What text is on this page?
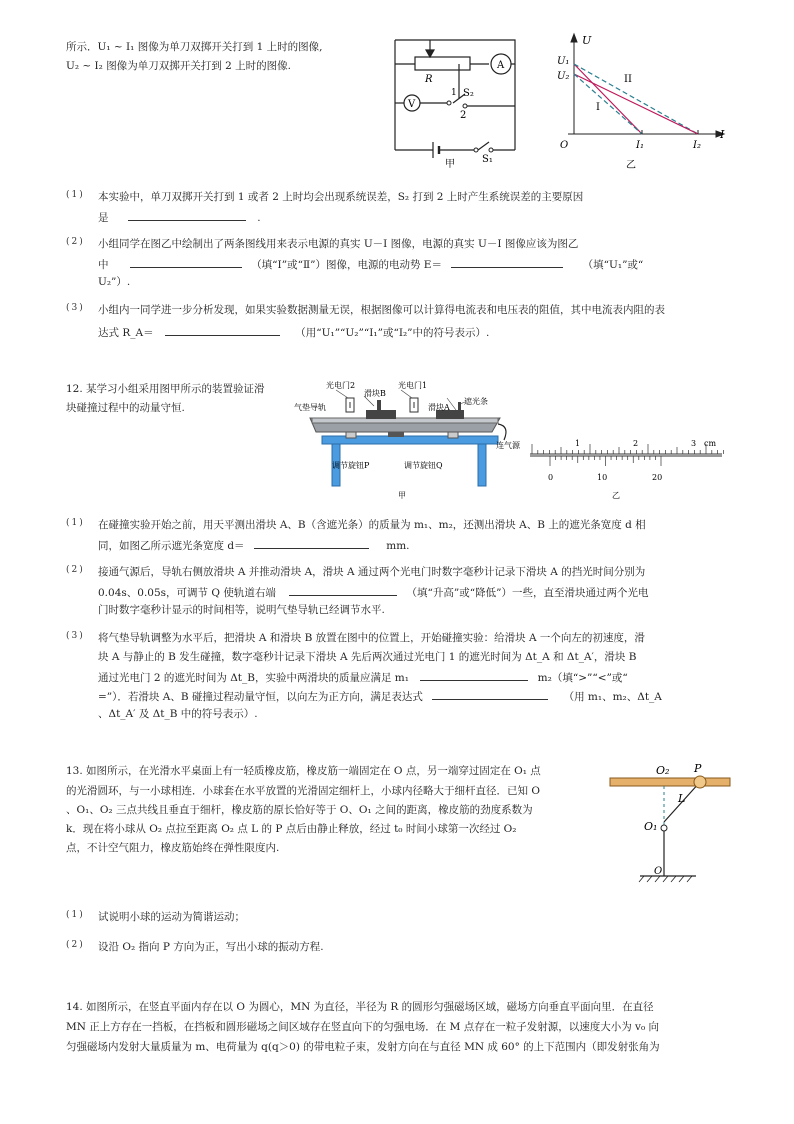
所示．U₁ ~ I₁ 图像为单刀双掷开关打到 1 上时的图像,
U₂ ~ I₂ 图像为单刀双掷开关打到 2 上时的图像.
R
A
V
S₂
1
2
S₁
甲
U
I
O
U₁
U₂
I₁	I₂
I
II
乙
(1) 本实验中，单刀双掷开关打到 1 或者 2 上时均会出现系统误差，S₂ 打到 2 上时产生系统误差的主要原因
是	.
(2) 小组同学在图乙中绘制出了两条图线用来表示电源的真实 U－I 图像，电源的真实 U－I 图像应该为图乙
中	（填“Ⅰ”或“Ⅱ”）图像，电源的电动势 E＝	（填“U₁”或“
U₂”）.
(3) 小组内一同学进一步分析发现，如果实验数据测量无误，根据图像可以计算得电流表和电压表的阻值，其中电流表内阻的表
达式 R_A＝	（用“U₁”“U₂”“I₁”或“I₂”中的符号表示）.
12. 某学习小组采用图甲所示的装置验证滑
块碰撞过程中的动量守恒.
光电门2	光电门1
滑块B
滑块A
遮光条
气垫导轨
连气源
调节旋钮P	调节旋钮Q
甲
1	2	3 cm
0	10	20
乙
(1) 在碰撞实验开始之前，用天平测出滑块 A、B（含遮光条）的质量为 m₁、m₂，还测出滑块 A、B 上的遮光条宽度 d 相
同，如图乙所示遮光条宽度 d＝	mm.
(2) 接通气源后，导轨右侧放滑块 A 并推动滑块 A，滑块 A 通过两个光电门时数字毫秒计记录下滑块 A 的挡光时间分别为
0.04s、0.05s，可调节 Q 使轨道右端	（填“升高”或“降低”）一些，直至滑块通过两个光电
门时数字毫秒计显示的时间相等，说明气垫导轨已经调节水平.
(3) 将气垫导轨调整为水平后，把滑块 A 和滑块 B 放置在图中的位置上，开始碰撞实验：给滑块 A 一个向左的初速度，滑
块 A 与静止的 B 发生碰撞，数字毫秒计记录下滑块 A 先后两次通过光电门 1 的遮光时间为 Δt_A 和 Δt_A′，滑块 B
通过光电门 2 的遮光时间为 Δt_B，实验中两滑块的质量应满足 m₁	m₂（填“>”“<”或“
=”）．若滑块 A、B 碰撞过程动量守恒，以向左为正方向，满足表达式	（用 m₁、m₂、Δt_A
、Δt_A′ 及 Δt_B 中的符号表示）.
13. 如图所示，在光滑水平桌面上有一轻质橡皮筋，橡皮筋一端固定在 O 点，另一端穿过固定在 O₁ 点
的光滑圆环，与一小球相连．小球套在水平放置的光滑固定细杆上，小球内径略大于细杆直径．已知 O
、O₁、O₂ 三点共线且垂直于细杆，橡皮筋的原长恰好等于 O、O₁ 之间的距离，橡皮筋的劲度系数为
k．现在将小球从 O₂ 点拉至距离 O₂ 点 L 的 P 点后由静止释放，经过 t₀ 时间小球第一次经过 O₂
点，不计空气阻力，橡皮筋始终在弹性限度内.
O₂ P
L
O₁
O
(1) 试说明小球的运动为简谐运动；
(2) 设沿 O₂ 指向 P 方向为正，写出小球的振动方程.
14. 如图所示，在竖直平面内存在以 O 为圆心，MN 为直径，半径为 R 的圆形匀强磁场区域，磁场方向垂直平面向里．在直径
MN 正上方存在一挡板，在挡板和圆形磁场之间区域存在竖直向下的匀强电场．在 M 点存在一粒子发射源，以速度大小为 v₀ 向
匀强磁场内发射大量质量为 m、电荷量为 q(q＞0) 的带电粒子束，发射方向在与直径 MN 成 60° 的上下范围内（即发射张角为
